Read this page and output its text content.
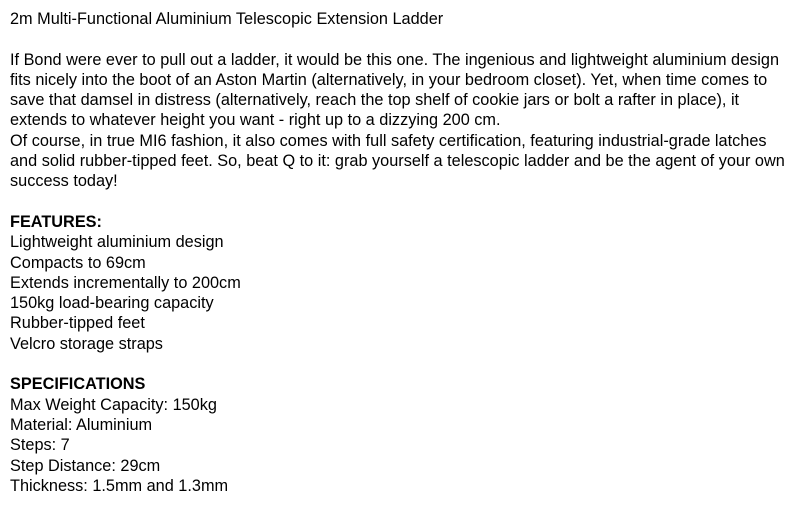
2m Multi-Functional Aluminium Telescopic Extension Ladder

If Bond were ever to pull out a ladder, it would be this one. The ingenious and lightweight aluminium design fits nicely into the boot of an Aston Martin (alternatively, in your bedroom closet). Yet, when time comes to save that damsel in distress (alternatively, reach the top shelf of cookie jars or bolt a rafter in place), it extends to whatever height you want - right up to a dizzying 200 cm.

Of course, in true MI6 fashion, it also comes with full safety certification, featuring industrial-grade latches and solid rubber-tipped feet. So, beat Q to it: grab yourself a telescopic ladder and be the agent of your own success today!

FEATURES:

Lightweight aluminium design
Compacts to 69cm
Extends incrementally to 200cm
150kg load-bearing capacity
Rubber-tipped feet
Velcro storage straps

SPECIFICATIONS

Max Weight Capacity: 150kg
Material: Aluminium
Steps: 7
Step Distance: 29cm
Thickness: 1.5mm and 1.3mm
